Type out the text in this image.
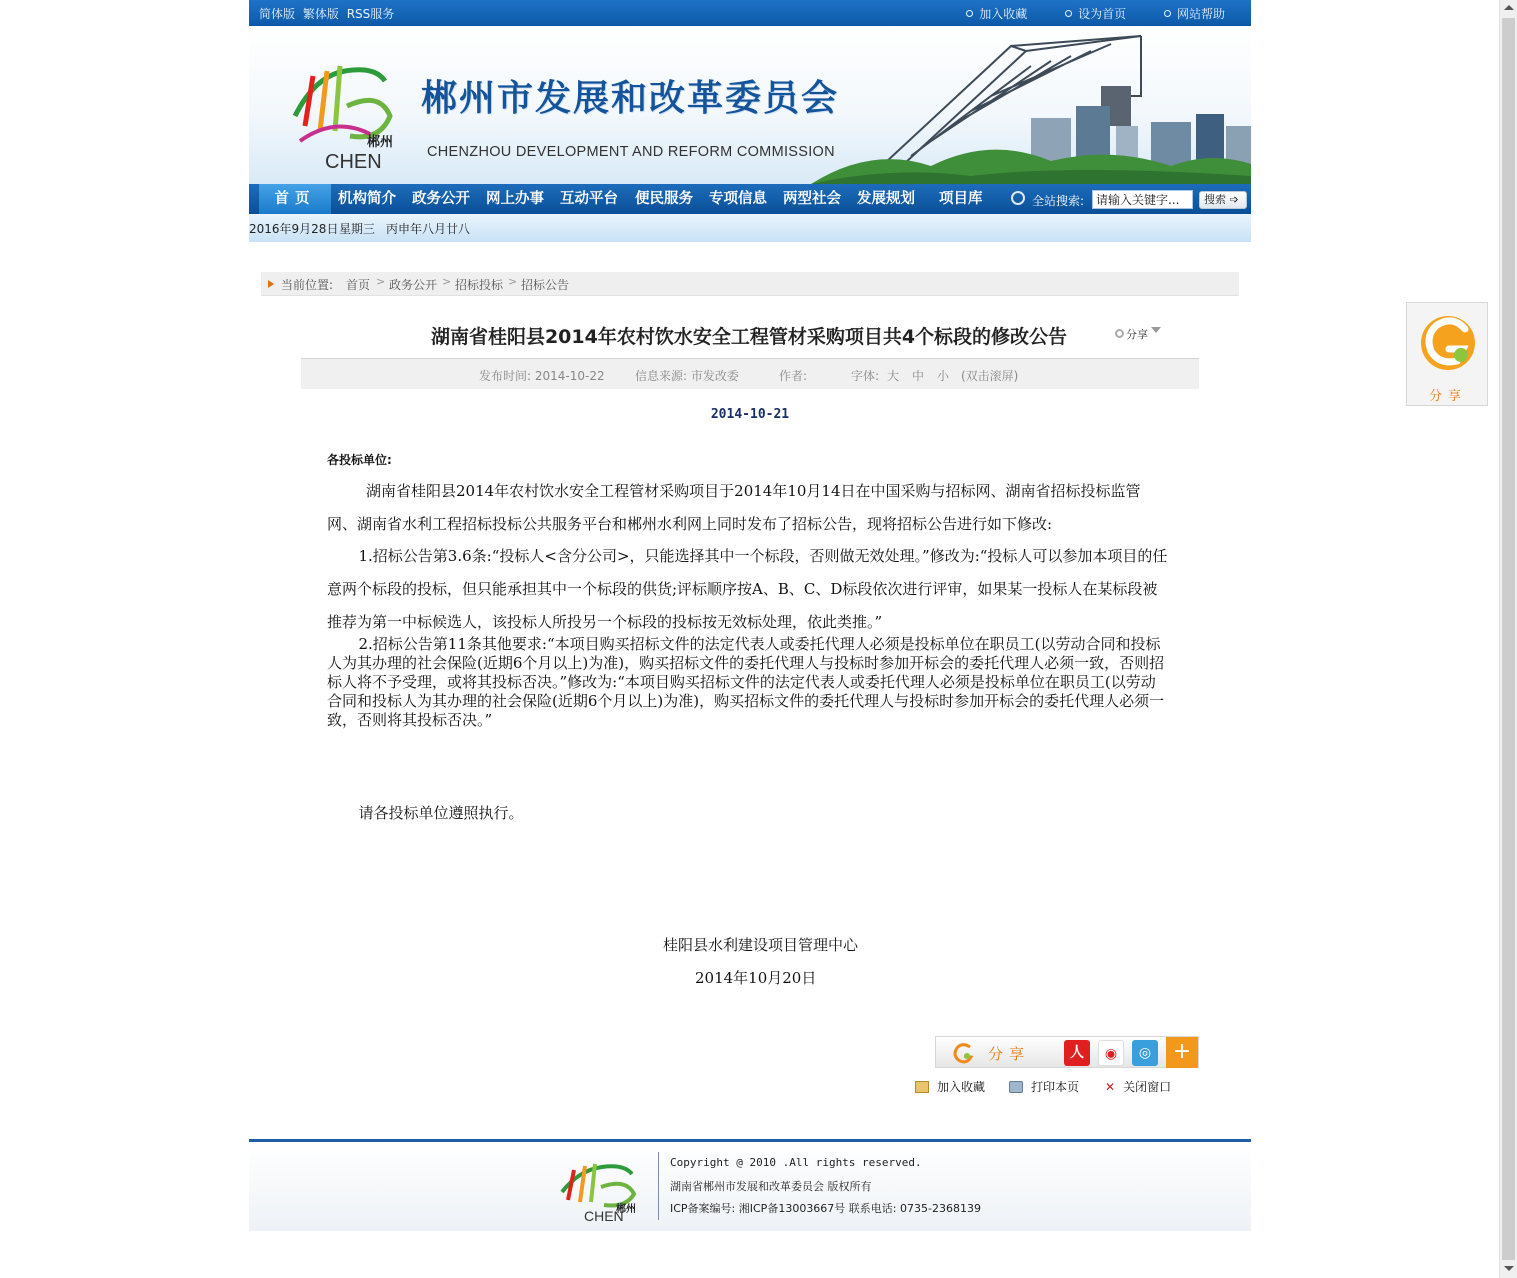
简体版 繁体版 RSS服务	加入收藏	设为首页	网站帮助
郴州
CHEN
郴州市发展和改革委员会
CHENZHOU DEVELOPMENT AND REFORM COMMISSION
首页	机构简介 政务公开 网上办事 互动平台 便民服务 专项信息 两型社会 发展规划 项目库	全站搜索:
请输入关键字...	搜索 ➩
2016年9月28日 星期三 丙申年八月廿八
当前位置: 首页 > 政务公开 > 招标投标 > 招标公告
湖南省桂阳县2014年农村饮水安全工程管材采购项目共4个标段的修改公告	分享
发布时间: 2014-10-22	信息来源: 市发改委	作者:	字体: 大 中 小 (双击滚屏)
2014-10-21
各投标单位:
湖南省桂阳县2014年农村饮水安全工程管材采购项目于2014年10月14日在中国采购与招标网、湖南省招标投标监管网、湖南省水利工程招标投标公共服务平台和郴州水利网上同时发布了招标公告，现将招标公告进行如下修改:
1.招标公告第3.6条:“投标人<含分公司>，只能选择其中一个标段，否则做无效处理。”修改为:“投标人可以参加本项目的任意两个标段的投标，但只能承担其中一个标段的供货;评标顺序按A、B、C、D标段依次进行评审，如果某一投标人在某标段被推荐为第一中标候选人，该投标人所投另一个标段的投标按无效标处理，依此类推。”
2.招标公告第11条其他要求:“本项目购买招标文件的法定代表人或委托代理人必须是投标单位在职员工(以劳动合同和投标人为其办理的社会保险(近期6个月以上)为准)，购买招标文件的委托代理人与投标时参加开标会的委托代理人必须一致，否则招标人将不予受理，或将其投标否决。”修改为:“本项目购买招标文件的法定代表人或委托代理人必须是投标单位在职员工(以劳动合同和投标人为其办理的社会保险(近期6个月以上)为准)，购买招标文件的委托代理人与投标时参加开标会的委托代理人必须一致，否则将其投标否决。”
请各投标单位遵照执行。
桂阳县水利建设项目管理中心
2014年10月20日
分享	人	◉	◎ +
加入收藏	打印本页 ✕ 关闭窗口
郴州
CHEN
Copyright @ 2010 .All rights reserved.
湖南省郴州市发展和改革委员会 版权所有
ICP备案编号: 湘ICP备13003667号 联系电话: 0735-2368139
分享
